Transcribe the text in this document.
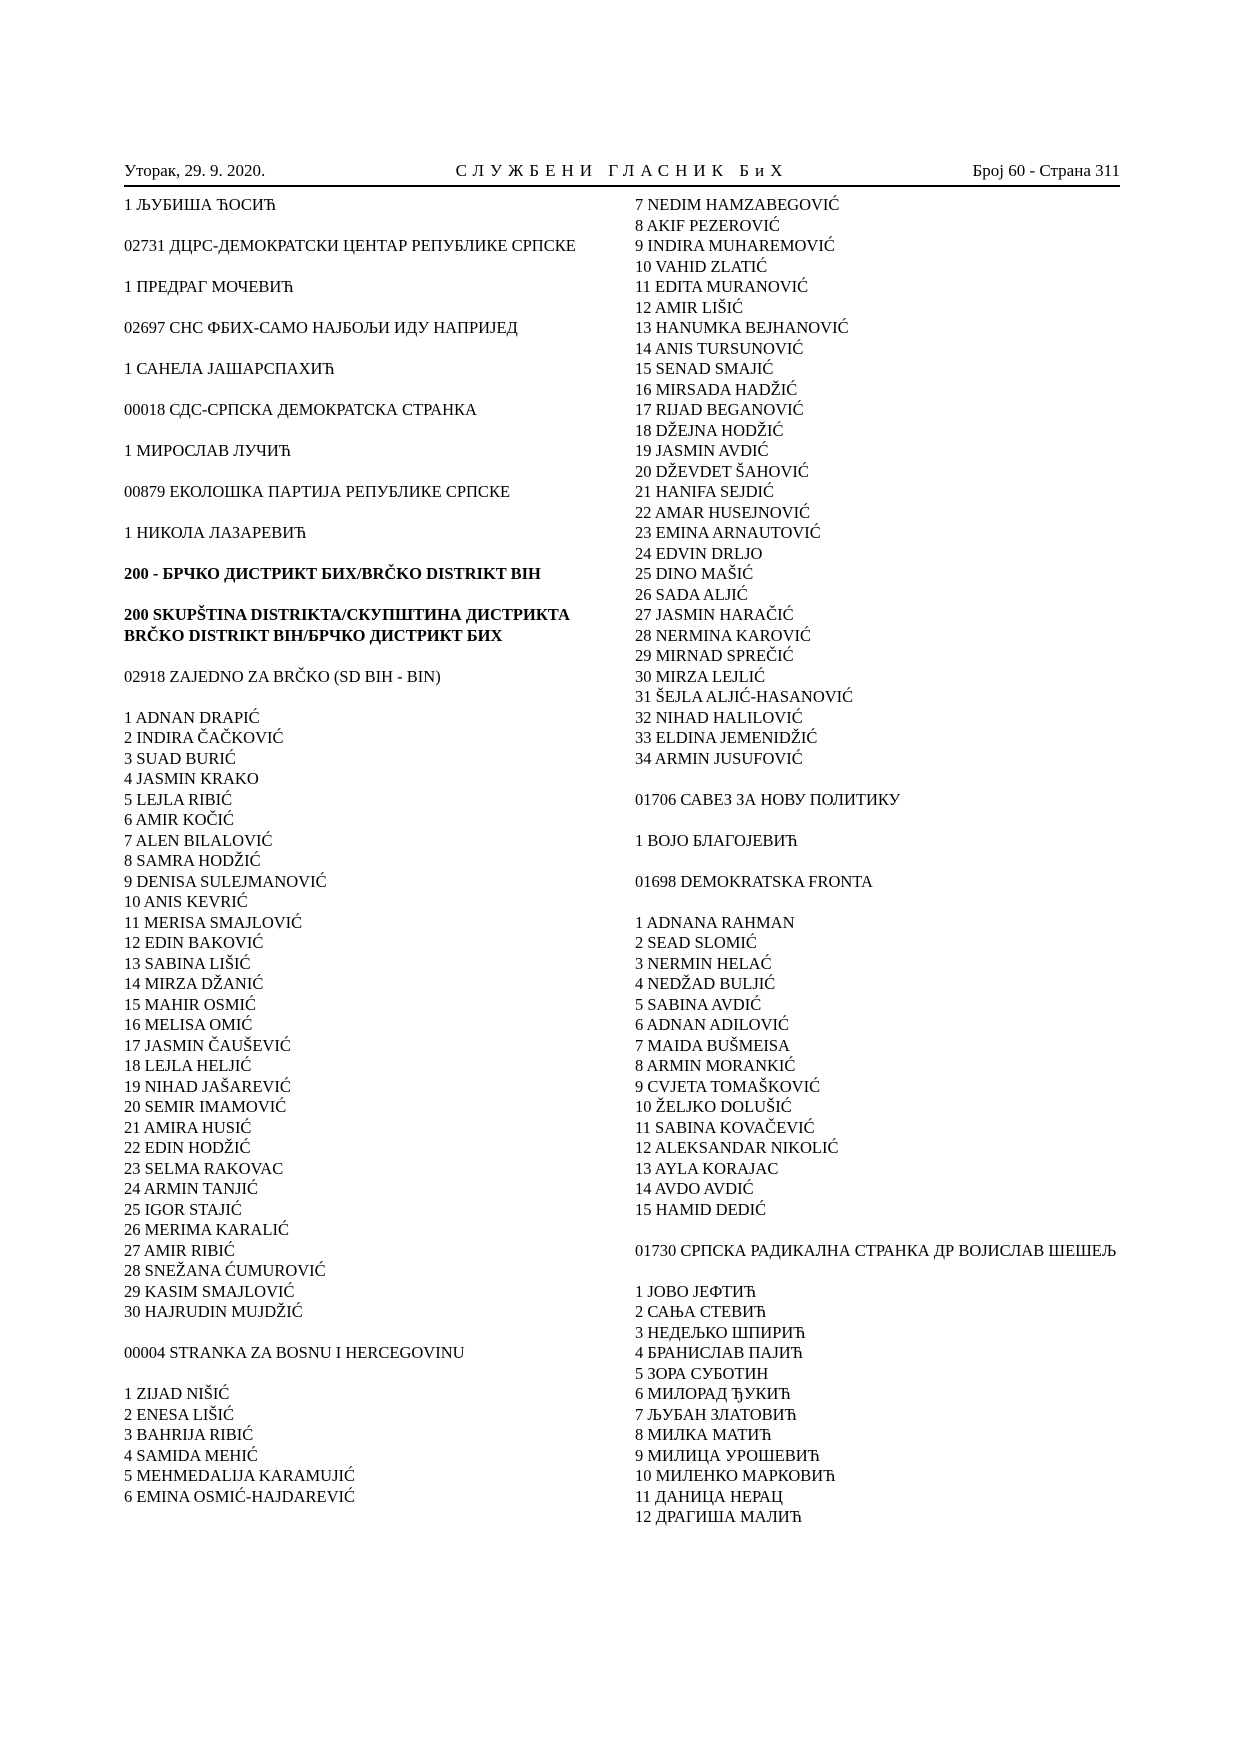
Уторак, 29. 9. 2020.	СЛУЖБЕНИ ГЛАСНИК БиХ	Број 60 - Страна 311
1 ЉУБИША ЋОСИЋ
02731 ДЦРС-ДЕМОКРАТСКИ ЦЕНТАР РЕПУБЛИКЕ СРПСКЕ
1 ПРЕДРАГ МОЧЕВИЋ
02697 СНС ФБИХ-САМО НАЈБОЉИ ИДУ НАПРИЈЕД
1 САНЕЛА ЈАШАРСПАХИЋ
00018 СДС-СРПСКА ДЕМОКРАТСКА СТРАНКА
1 МИРОСЛАВ ЛУЧИЋ
00879 ЕКОЛОШКА ПАРТИЈА РЕПУБЛИКЕ СРПСКЕ
1 НИКОЛА ЛАЗАРЕВИЋ
200 - БРЧКО ДИСТРИКТ БИХ/BRČKO DISTRIKT BIH
200 SKUPŠTINA DISTRIKTA/СКУПШТИНА ДИСТРИКТА
BRČKO DISTRIKT BIH/БРЧКО ДИСТРИКТ БИХ
02918 ZAJEDNO ZA BRČKO (SD BIH - BIN)
1 ADNAN DRAPIĆ
2 INDIRA ČAČKOVIĆ
3 SUAD BURIĆ
4 JASMIN KRAKO
5 LEJLA RIBIĆ
6 AMIR KOČIĆ
7 ALEN BILALOVIĆ
8 SAMRA HODŽIĆ
9 DENISA SULEJMANOVIĆ
10 ANIS KEVRIĆ
11 MERISA SMAJLOVIĆ
12 EDIN BAKOVIĆ
13 SABINA LIŠIĆ
14 MIRZA DŽANIĆ
15 MAHIR OSMIĆ
16 MELISA OMIĆ
17 JASMIN ČAUŠEVIĆ
18 LEJLA HELJIĆ
19 NIHAD JAŠAREVIĆ
20 SEMIR IMAMOVIĆ
21 AMIRA HUSIĆ
22 EDIN HODŽIĆ
23 SELMA RAKOVAC
24 ARMIN TANJIĆ
25 IGOR STAJIĆ
26 MERIMA KARALIĆ
27 AMIR RIBIĆ
28 SNEŽANA ĆUMUROVIĆ
29 KASIM SMAJLOVIĆ
30 HAJRUDIN MUJDŽIĆ
00004 STRANKA ZA BOSNU I HERCEGOVINU
1 ZIJAD NIŠIĆ
2 ENESA LIŠIĆ
3 BAHRIJA RIBIĆ
4 SAMIDA MEHIĆ
5 MEHMEDALIJA KARAMUJIĆ
6 EMINA OSMIĆ-HAJDAREVIĆ
7 NEDIM HAMZABEGOVIĆ
8 AKIF PEZEROVIĆ
9 INDIRA MUHAREMOVIĆ
10 VAHID ZLATIĆ
11 EDITA MURANOVIĆ
12 AMIR LIŠIĆ
13 HANUMKA BEJHANOVIĆ
14 ANIS TURSUNOVIĆ
15 SENAD SMAJIĆ
16 MIRSADA HADŽIĆ
17 RIJAD BEGANOVIĆ
18 DŽEJNA HODŽIĆ
19 JASMIN AVDIĆ
20 DŽEVDET ŠAHOVIĆ
21 HANIFA SEJDIĆ
22 AMAR HUSEJNOVIĆ
23 EMINA ARNAUTOVIĆ
24 EDVIN DRLJO
25 DINO MAŠIĆ
26 SADA ALJIĆ
27 JASMIN HARAČIĆ
28 NERMINA KAROVIĆ
29 MIRNAD SPREČIĆ
30 MIRZA LEJLIĆ
31 ŠEJLA ALJIĆ-HASANOVIĆ
32 NIHAD HALILOVIĆ
33 ELDINA JEMENIDŽIĆ
34 ARMIN JUSUFOVIĆ
01706 САВЕЗ ЗА НОВУ ПОЛИТИКУ
1 BOJO БЛАГОЈЕВИЋ
01698 DEMOKRATSKA FRONTA
1 ADNANA RAHMAN
2 SEAD SLOMIĆ
3 NERMIN HELAĆ
4 NEDŽAD BULJIĆ
5 SABINA AVDIĆ
6 ADNAN ADILOVIĆ
7 MAIDA BUŠMEISA
8 ARMIN MORANKIĆ
9 CVJETA TOMAŠKOVIĆ
10 ŽELJKO DOLUŠIĆ
11 SABINA KOVAČEVIĆ
12 ALEKSANDAR NIKOLIĆ
13 AYLA KORAJAC
14 AVDO AVDIĆ
15 HAMID DEDIĆ
01730 СРПСКА РАДИКАЛНА СТРАНКА ДР ВОЈИСЛАВ ШЕШЕЉ
1 JOBO ЈЕФТИЋ
2 САЊА СТЕВИЋ
3 НЕДЕЉКО ШПИРИЋ
4 БРАНИСЛАВ ПАЈИЋ
5 ЗОРА СУБОТИН
6 МИЛОРАД ЂУКИЋ
7 ЉУБАН ЗЛАТОВИЋ
8 МИЛКА МАТИЋ
9 МИЛИЦА УРОШЕВИЋ
10 МИЛЕНКО МАРКОВИЋ
11 ДАНИЦА НЕРАЦ
12 ДРАГИША МАЛИЋ
